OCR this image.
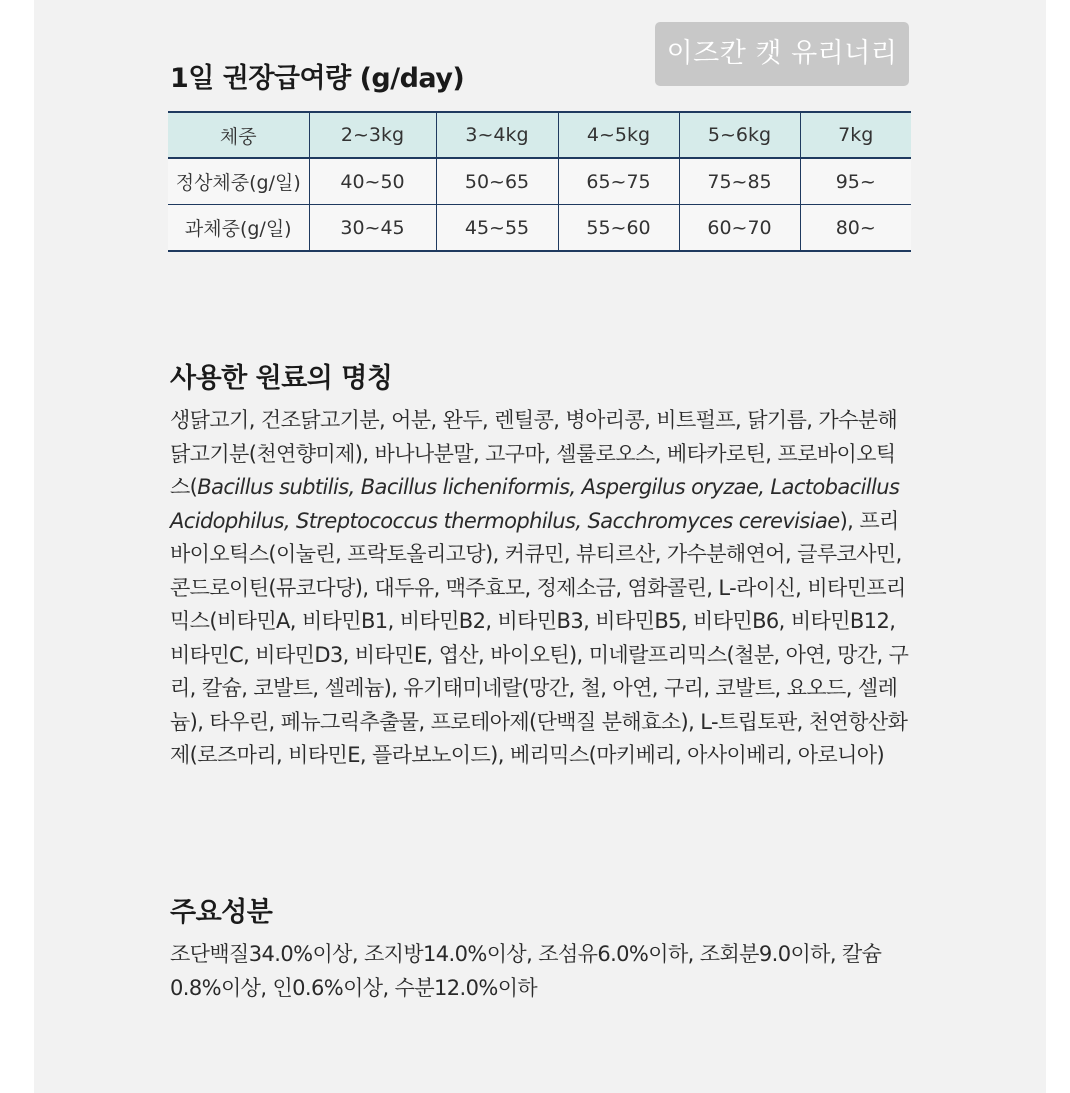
이즈칸 캣 유리너리
1일 권장급여량 (g/day)
체중	2~3kg	3~4kg	4~5kg	5~6kg	7kg
정상체중(g/일)	40~50	50~65	65~75	75~85	95~
과체중(g/일)	30~45	45~55	55~60	60~70	80~
사용한 원료의 명칭
생닭고기, 건조닭고기분, 어분, 완두, 렌틸콩, 병아리콩, 비트펄프, 닭기름, 가수분해닭고기분(천연향미제), 바나나분말, 고구마, 셀룰로오스, 베타카로틴, 프로바이오틱스(Bacillus subtilis, Bacillus licheniformis, Aspergilus oryzae, Lactobacillus Acidophilus, Streptococcus thermophilus, Sacchromyces cerevisiae), 프리바이오틱스(이눌린, 프락토올리고당), 커큐민, 뷰티르산, 가수분해연어, 글루코사민, 콘드로이틴(뮤코다당), 대두유, 맥주효모, 정제소금, 염화콜린, L-라이신, 비타민프리믹스(비타민A, 비타민B1, 비타민B2, 비타민B3, 비타민B5, 비타민B6, 비타민B12, 비타민C, 비타민D3, 비타민E, 엽산, 바이오틴), 미네랄프리믹스(철분, 아연, 망간, 구리, 칼슘, 코발트, 셀레늄), 유기태미네랄(망간, 철, 아연, 구리, 코발트, 요오드, 셀레늄), 타우린, 페뉴그릭추출물, 프로테아제(단백질 분해효소), L-트립토판, 천연항산화제(로즈마리, 비타민E, 플라보노이드), 베리믹스(마키베리, 아사이베리, 아로니아)
주요성분
조단백질34.0%이상, 조지방14.0%이상, 조섬유6.0%이하, 조회분9.0이하, 칼슘0.8%이상, 인0.6%이상, 수분12.0%이하
